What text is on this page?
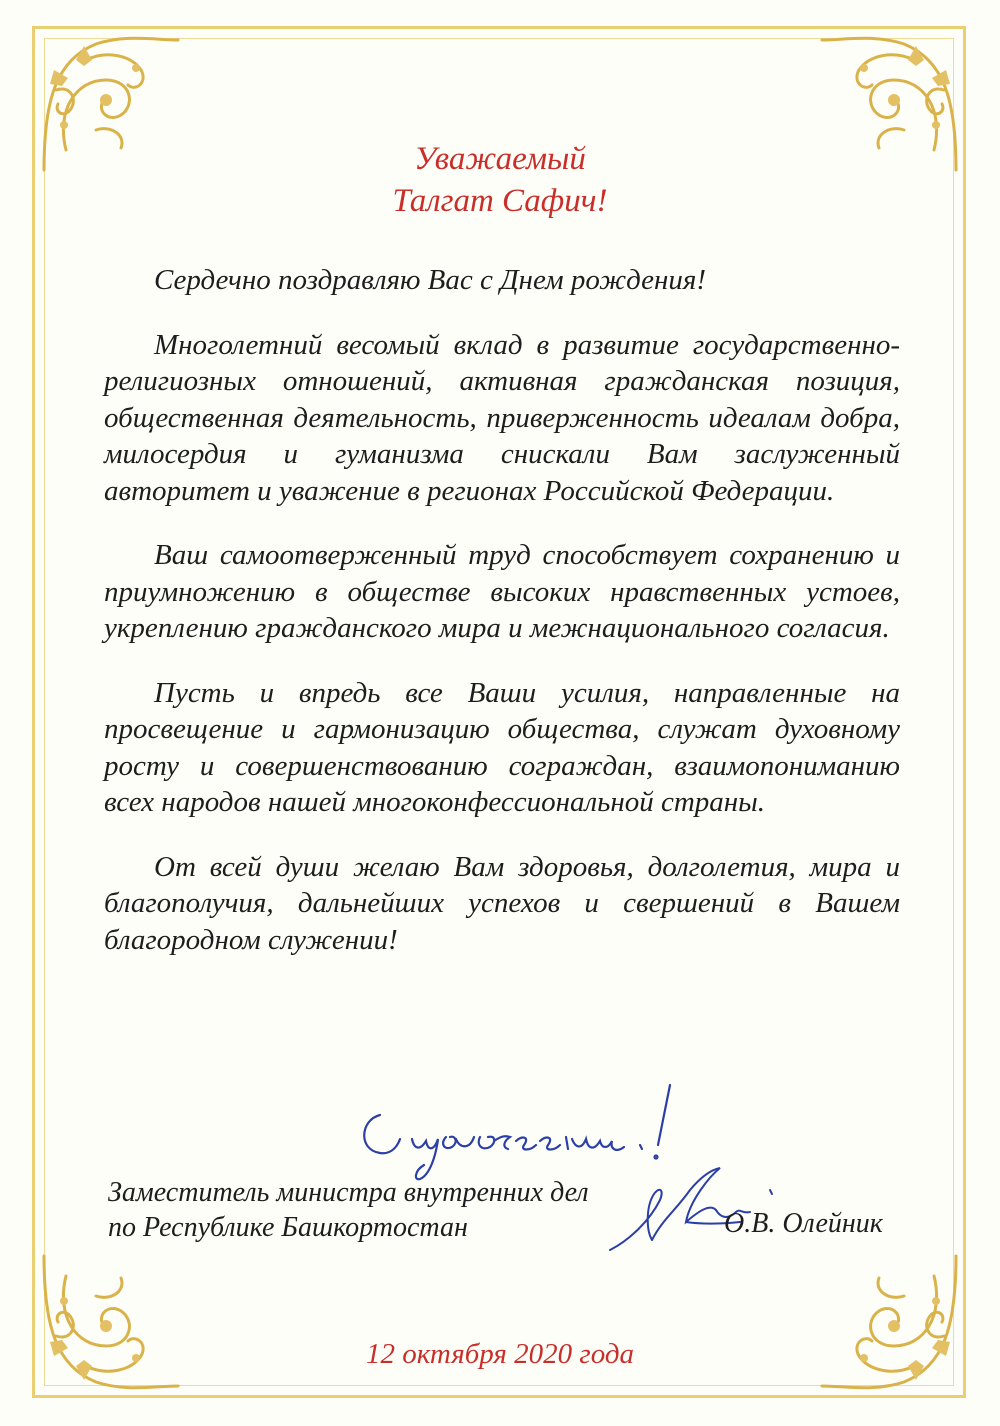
Уважаемый
Талгат Сафич!

Сердечно поздравляю Вас с Днем рождения!

Многолетний весомый вклад в развитие государственно-религиозных отношений, активная гражданская позиция, общественная деятельность, приверженность идеалам добра, милосердия и гуманизма снискали Вам заслуженный авторитет и уважение в регионах Российской Федерации.

Ваш самоотверженный труд способствует сохранению и приумножению в обществе высоких нравственных устоев, укреплению гражданского мира и межнационального согласия.

Пусть и впредь все Ваши усилия, направленные на просвещение и гармонизацию общества, служат духовному росту и совершенствованию сограждан, взаимопониманию всех народов нашей многоконфессиональной страны.

От всей души желаю Вам здоровья, долголетия, мира и благополучия, дальнейших успехов и свершений в Вашем благородном служении!

Заместитель министра внутренних дел
по Республике Башкортостан	О.В. Олейник
12 октября 2020 года
